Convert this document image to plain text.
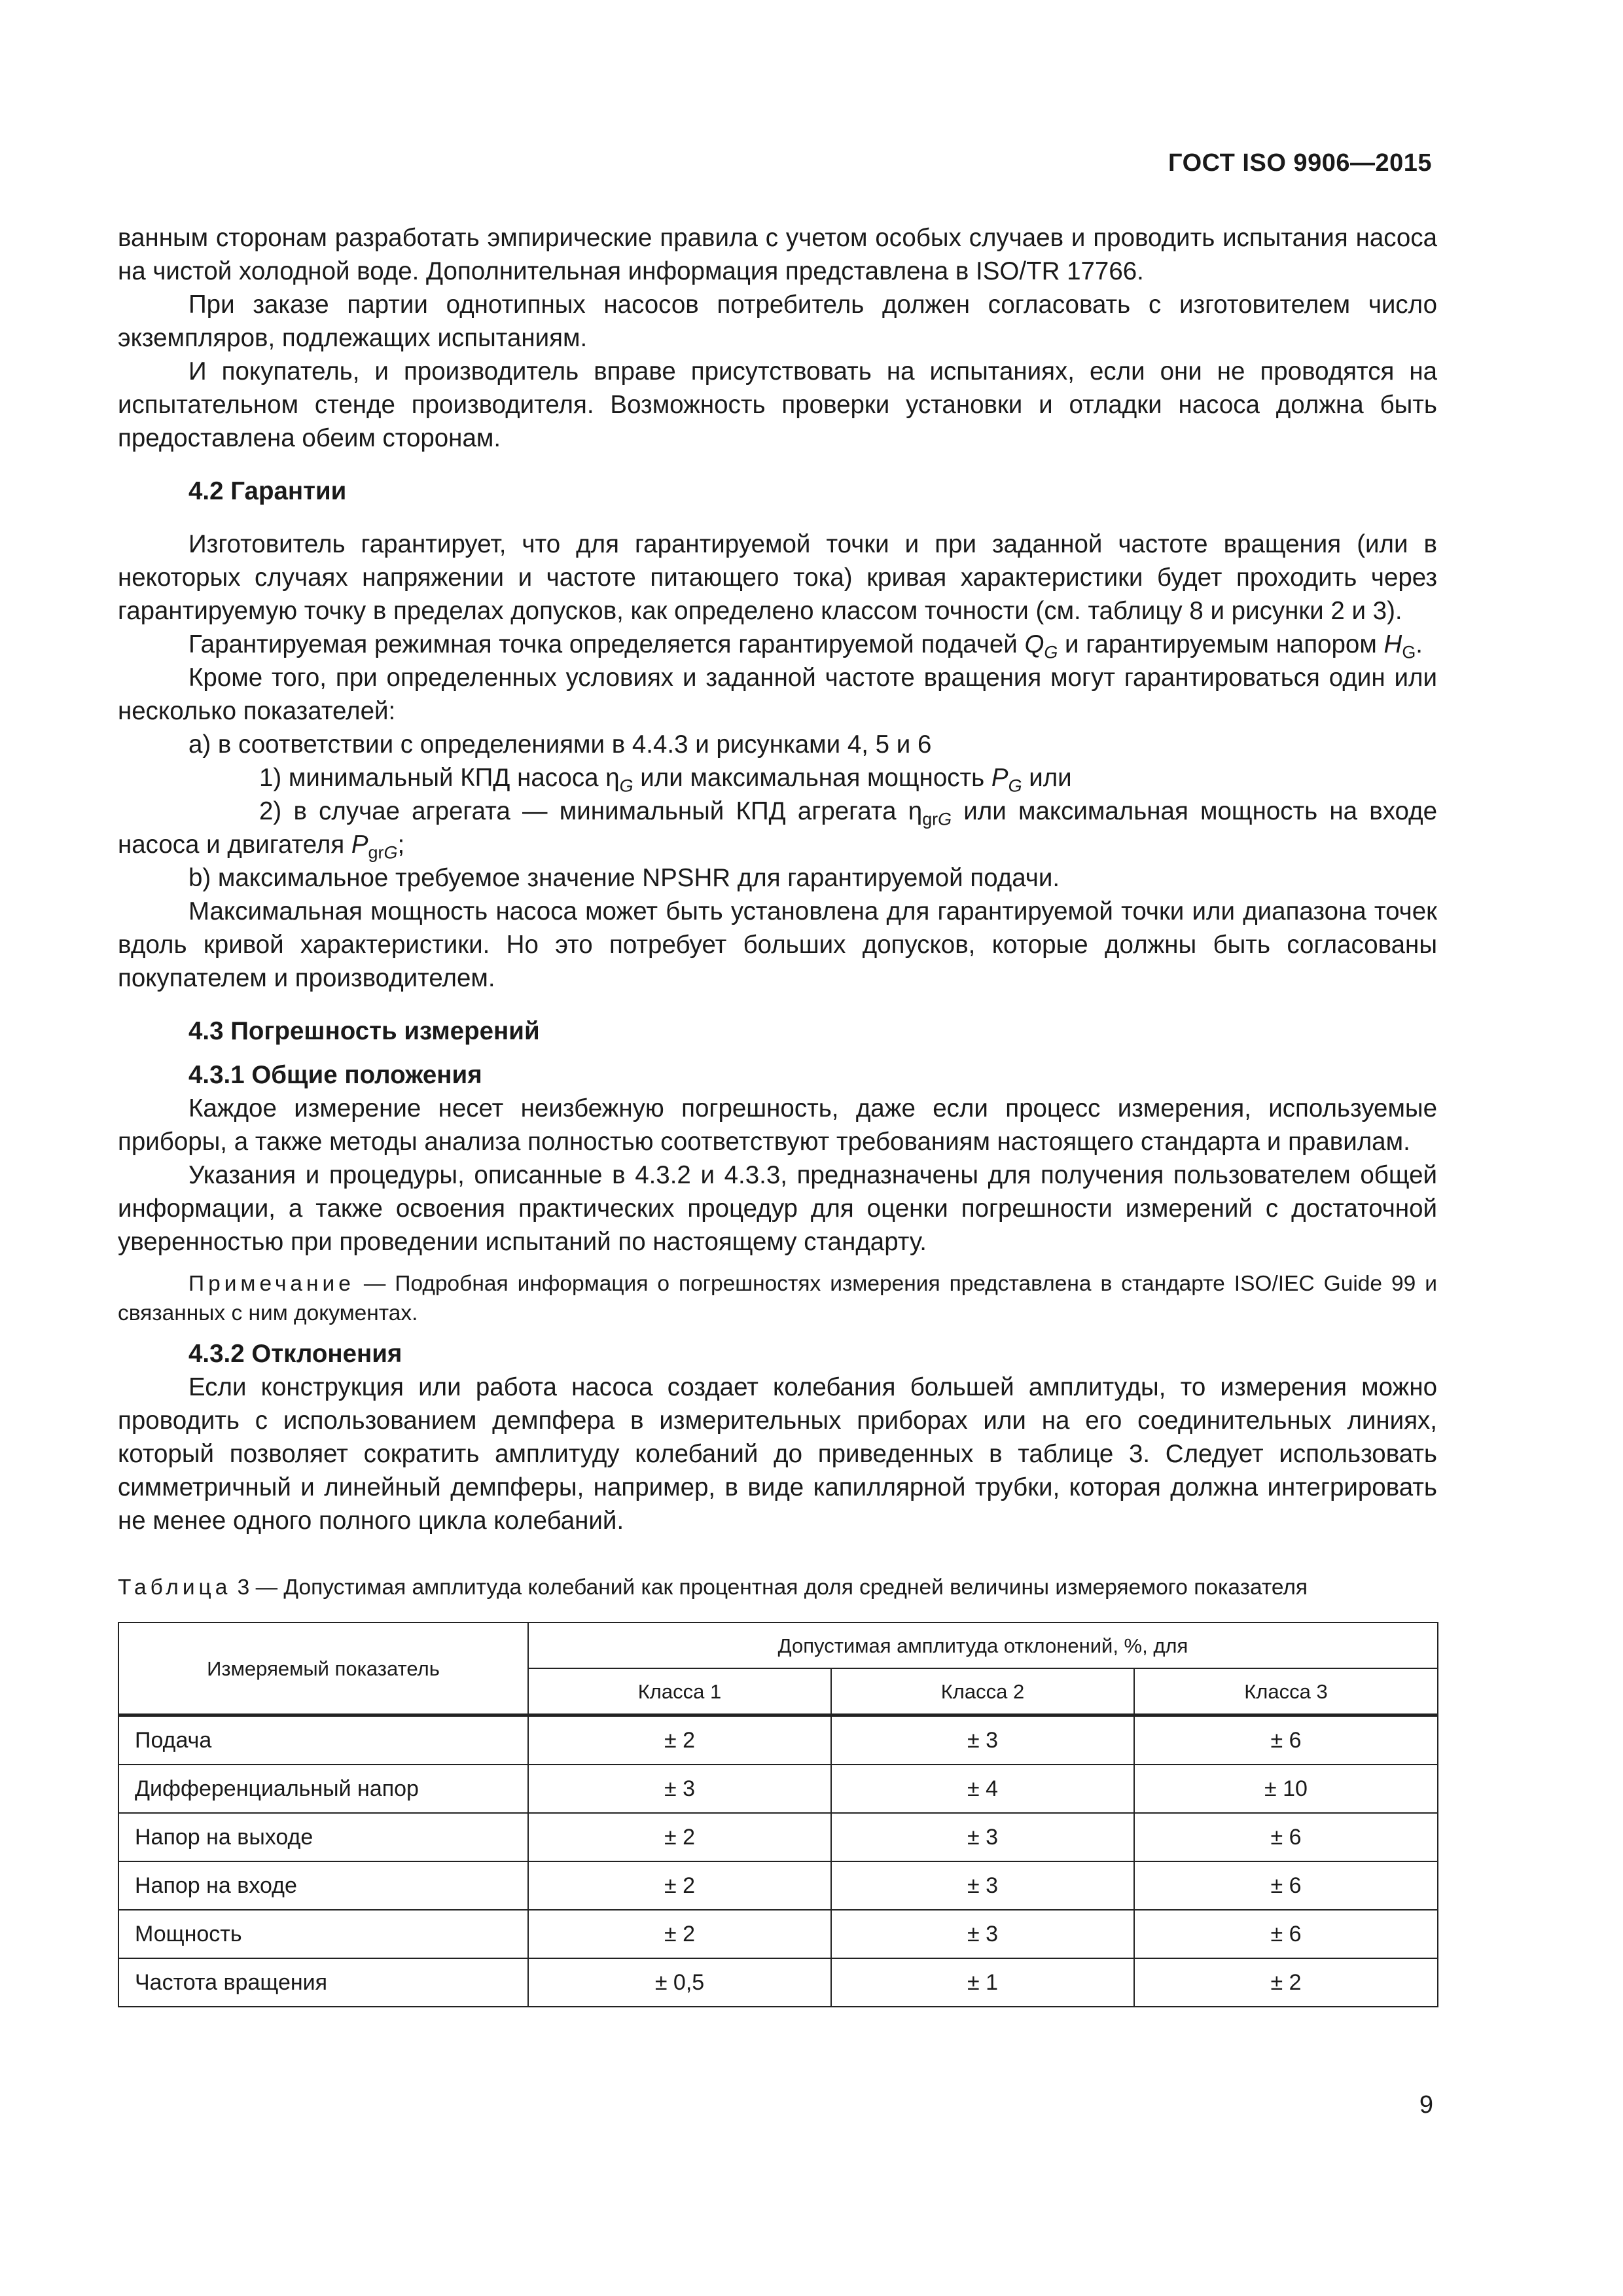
ГОСТ ISO 9906—2015

ванным сторонам разработать эмпирические правила с учетом особых случаев и проводить испытания насоса на чистой холодной воде. Дополнительная информация представлена в ISO/TR 17766.

При заказе партии однотипных насосов потребитель должен согласовать с изготовителем число экземпляров, подлежащих испытаниям.

И покупатель, и производитель вправе присутствовать на испытаниях, если они не проводятся на испытательном стенде производителя. Возможность проверки установки и отладки насоса должна быть предоставлена обеим сторонам.

4.2 Гарантии

Изготовитель гарантирует, что для гарантируемой точки и при заданной частоте вращения (или в некоторых случаях напряжении и частоте питающего тока) кривая характеристики будет проходить через гарантируемую точку в пределах допусков, как определено классом точности (см. таблицу 8 и рисунки 2 и 3).

Гарантируемая режимная точка определяется гарантируемой подачей $Q_G$ и гарантируемым напором $H_G$.

Кроме того, при определенных условиях и заданной частоте вращения могут гарантироваться один или несколько показателей:

a) в соответствии с определениями в 4.4.3 и рисунками 4, 5 и 6

1) минимальный КПД насоса $\eta_G$ или максимальная мощность $P_G$ или

2) в случае агрегата — минимальный КПД агрегата $\eta_{grG}$ или максимальная мощность на входе насоса и двигателя $P_{grG}$;

b) максимальное требуемое значение NPSHR для гарантируемой подачи.

Максимальная мощность насоса может быть установлена для гарантируемой точки или диапазона точек вдоль кривой характеристики. Но это потребует больших допусков, которые должны быть согласованы покупателем и производителем.

4.3 Погрешность измерений
4.3.1 Общие положения

Каждое измерение несет неизбежную погрешность, даже если процесс измерения, используемые приборы, а также методы анализа полностью соответствуют требованиям настоящего стандарта и правилам.

Указания и процедуры, описанные в 4.3.2 и 4.3.3, предназначены для получения пользователем общей информации, а также освоения практических процедур для оценки погрешности измерений с достаточной уверенностью при проведении испытаний по настоящему стандарту.

Примечание — Подробная информация о погрешностях измерения представлена в стандарте ISO/IEC Guide 99 и связанных с ним документах.

4.3.2 Отклонения

Если конструкция или работа насоса создает колебания большей амплитуды, то измерения можно проводить с использованием демпфера в измерительных приборах или на его соединительных линиях, который позволяет сократить амплитуду колебаний до приведенных в таблице 3. Следует использовать симметричный и линейный демпферы, например, в виде капиллярной трубки, которая должна интегрировать не менее одного полного цикла колебаний.

Таблица 3 — Допустимая амплитуда колебаний как процентная доля средней величины измеряемого показателя

Измеряемый показатель	Допустимая амплитуда отклонений, %, для		
	Класса 1	Класса 2	Класса 3
Подача	± 2	± 3	± 6
Дифференциальный напор	± 3	± 4	± 10
Напор на выходе	± 2	± 3	± 6
Напор на входе	± 2	± 3	± 6
Мощность	± 2	± 3	± 6
Частота вращения	± 0,5	± 1	± 2
9
